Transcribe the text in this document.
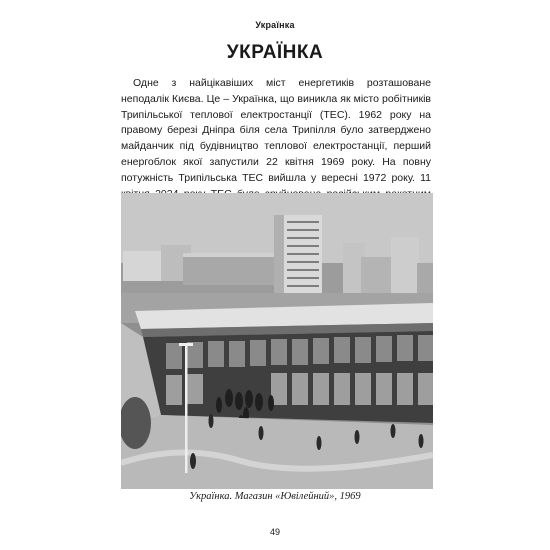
Українка
УКРАЇНКА

Одне з найцікавіших міст енергетиків розташоване неподалік Києва. Це – Українка, що виникла як місто робітників Трипільської теплової електростанції (ТЕС). 1962 року на правому березі Дніпра біля села Трипілля було затверджено майданчик під будівництво теплової електростанції, перший енергоблок якої запустили 22 квітня 1969 року. На повну потужність Трипільська ТЕС вийшла у вересні 1972 року. 11

Українка. Магазин «Ювілейний», 1969
49
